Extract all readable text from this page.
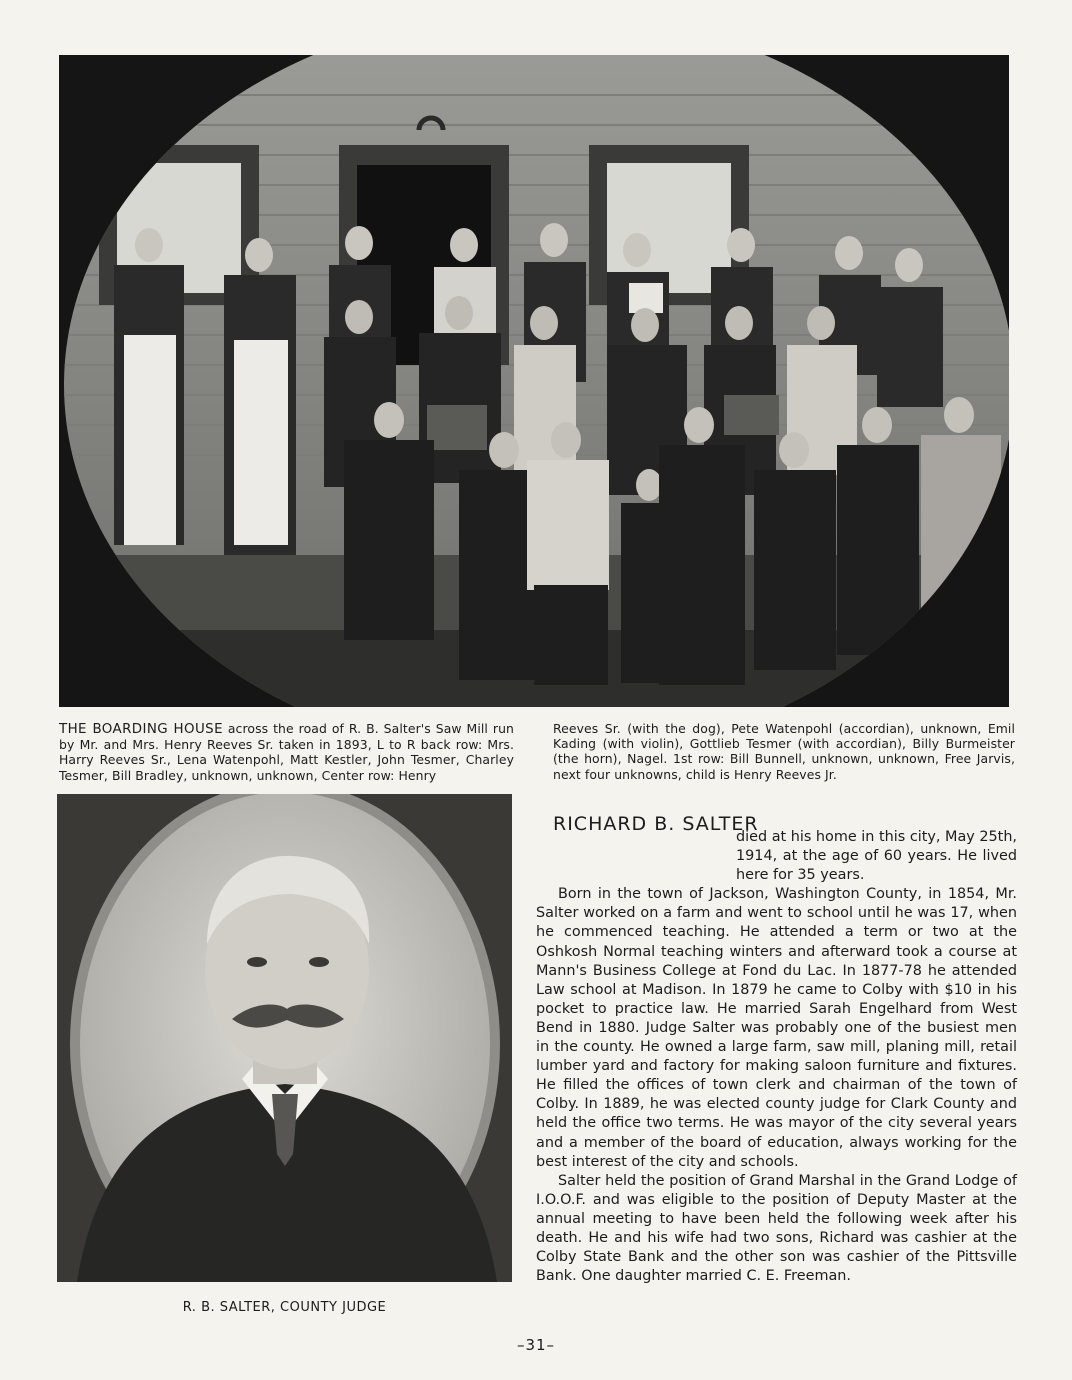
THE BOARDING HOUSE across the road of R. B. Salter's Saw Mill run by Mr. and Mrs. Henry Reeves Sr. taken in 1893, L to R back row: Mrs. Harry Reeves Sr., Lena Watenpohl, Matt Kestler, John Tesmer, Charley Tesmer, Bill Bradley, unknown, unknown, Center row: Henry
Reeves Sr. (with the dog), Pete Watenpohl (accordian), unknown, Emil Kading (with violin), Gottlieb Tesmer (with accordian), Billy Burmeister (the horn), Nagel. 1st row: Bill Bunnell, unknown, unknown, Free Jarvis, next four unknowns, child is Henry Reeves Jr.
R. B. SALTER, COUNTY JUDGE
RICHARD B. SALTER

died at his home in this city, May 25th, 1914, at the age of 60 years. He lived here for 35 years.

Born in the town of Jackson, Washington County, in 1854, Mr. Salter worked on a farm and went to school until he was 17, when he commenced teaching. He attended a term or two at the Oshkosh Normal teaching winters and afterward took a course at Mann's Business College at Fond du Lac. In 1877-78 he attended Law school at Madison. In 1879 he came to Colby with $10 in his pocket to practice law. He married Sarah Engelhard from West Bend in 1880. Judge Salter was probably one of the busiest men in the county. He owned a large farm, saw mill, planing mill, retail lumber yard and factory for making saloon furniture and fixtures. He filled the offices of town clerk and chairman of the town of Colby. In 1889, he was elected county judge for Clark County and held the office two terms. He was mayor of the city several years and a member of the board of education, always working for the best interest of the city and schools.

Salter held the position of Grand Marshal in the Grand Lodge of I.O.O.F. and was eligible to the position of Deputy Master at the annual meeting to have been held the following week after his death. He and his wife had two sons, Richard was cashier at the Colby State Bank and the other son was cashier of the Pittsville Bank. One daughter married C. E. Freeman.

–31–
